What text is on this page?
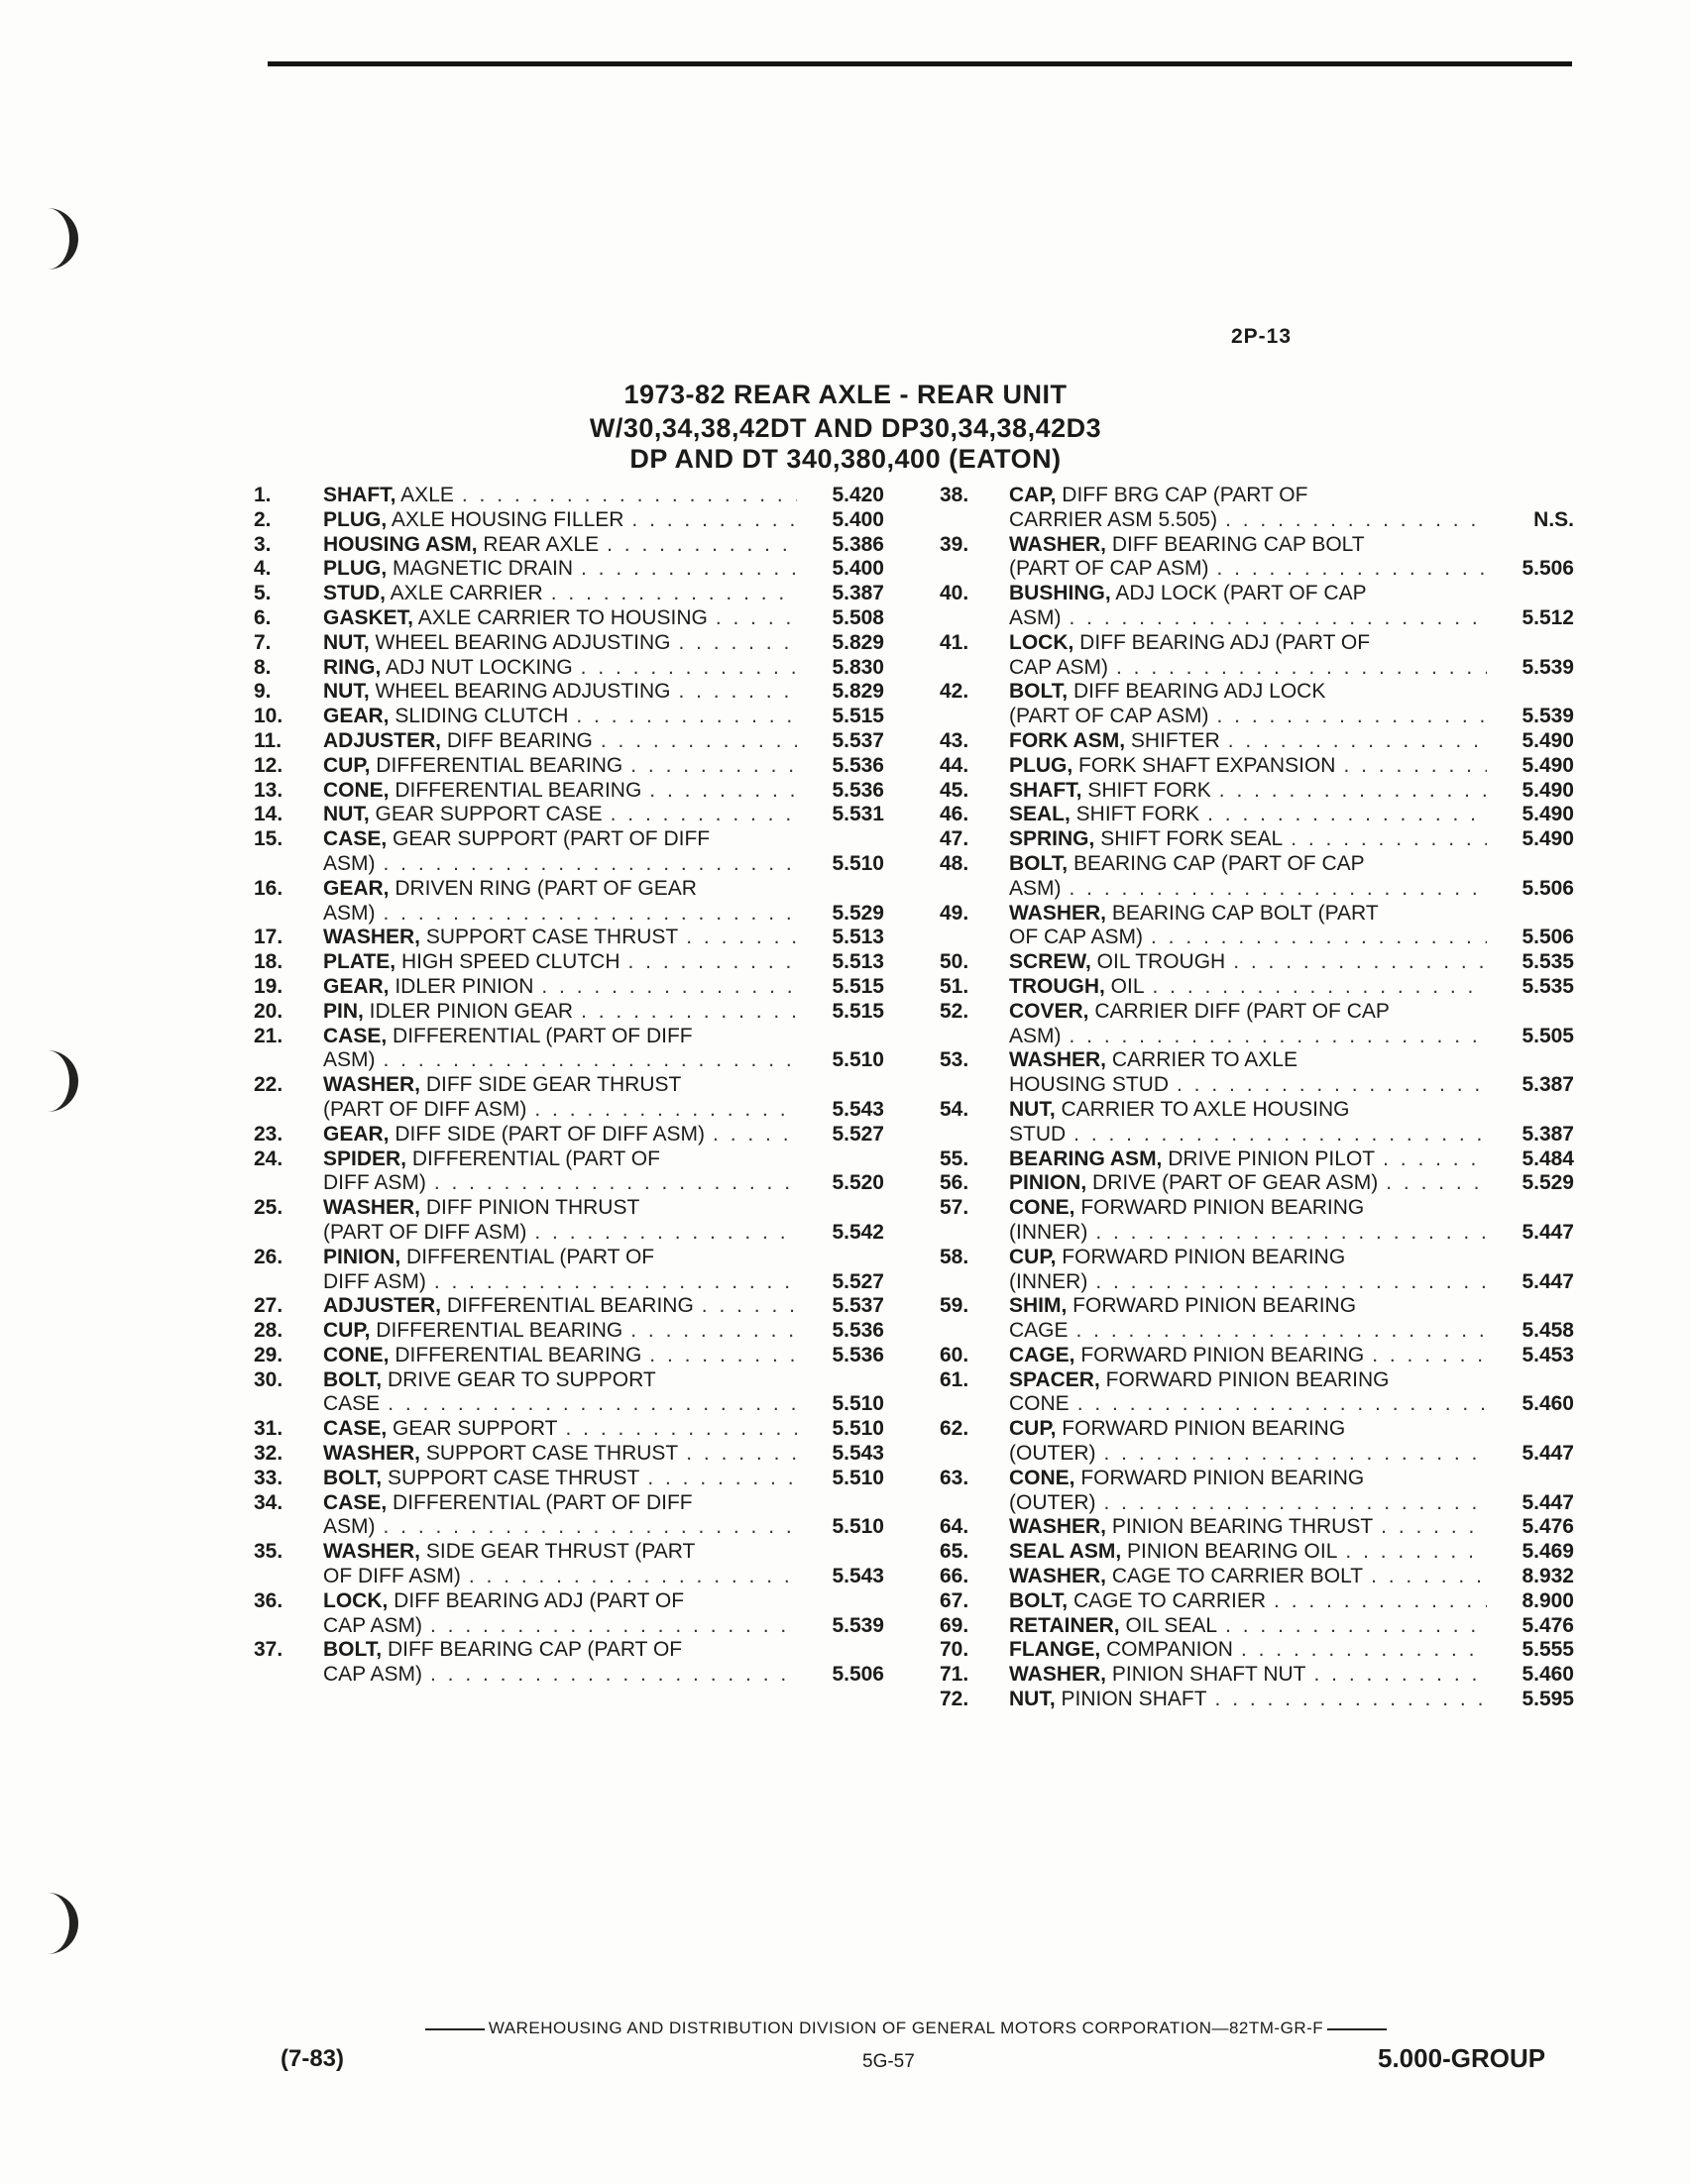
2P-13
1973-82 REAR AXLE - REAR UNIT
W/30,34,38,42DT AND DP30,34,38,42D3
DP AND DT 340,380,400 (EATON)
1.	SHAFT, AXLE . . .	5.420
2.	PLUG, AXLE HOUSING FILLER . . .	5.400
3.	HOUSING ASM, REAR AXLE . . .	5.386
4.	PLUG, MAGNETIC DRAIN . . .	5.400
5.	STUD, AXLE CARRIER . . .	5.387
6.	GASKET, AXLE CARRIER TO HOUSING . . .	5.508
7.	NUT, WHEEL BEARING ADJUSTING . . .	5.829
8.	RING, ADJ NUT LOCKING . . .	5.830
9.	NUT, WHEEL BEARING ADJUSTING . . .	5.829
10.	GEAR, SLIDING CLUTCH . . .	5.515
11.	ADJUSTER, DIFF BEARING . . .	5.537
12.	CUP, DIFFERENTIAL BEARING . . .	5.536
13.	CONE, DIFFERENTIAL BEARING . . .	5.536
14.	NUT, GEAR SUPPORT CASE . . .	5.531
15.	CASE, GEAR SUPPORT (PART OF DIFF
ASM) . . .	5.510
16.	GEAR, DRIVEN RING (PART OF GEAR
ASM) . . .	5.529
17.	WASHER, SUPPORT CASE THRUST . . .	5.513
18.	PLATE, HIGH SPEED CLUTCH . . .	5.513
19.	GEAR, IDLER PINION . . .	5.515
20.	PIN, IDLER PINION GEAR . . .	5.515
21.	CASE, DIFFERENTIAL (PART OF DIFF
ASM) . . .	5.510
22.	WASHER, DIFF SIDE GEAR THRUST
(PART OF DIFF ASM) . . .	5.543
23.	GEAR, DIFF SIDE (PART OF DIFF ASM) . . .	5.527
24.	SPIDER, DIFFERENTIAL (PART OF
DIFF ASM) . . .	5.520
25.	WASHER, DIFF PINION THRUST
(PART OF DIFF ASM) . . .	5.542
26.	PINION, DIFFERENTIAL (PART OF
DIFF ASM) . . .	5.527
27.	ADJUSTER, DIFFERENTIAL BEARING . . .	5.537
28.	CUP, DIFFERENTIAL BEARING . . .	5.536
29.	CONE, DIFFERENTIAL BEARING . . .	5.536
30.	BOLT, DRIVE GEAR TO SUPPORT
CASE . . .	5.510
31.	CASE, GEAR SUPPORT . . .	5.510
32.	WASHER, SUPPORT CASE THRUST . . .	5.543
33.	BOLT, SUPPORT CASE THRUST . . .	5.510
34.	CASE, DIFFERENTIAL (PART OF DIFF
ASM) . . .	5.510
35.	WASHER, SIDE GEAR THRUST (PART
OF DIFF ASM) . . .	5.543
36.	LOCK, DIFF BEARING ADJ (PART OF
CAP ASM) . . .	5.539
37.	BOLT, DIFF BEARING CAP (PART OF
CAP ASM) . . .	5.506
38.	CAP, DIFF BRG CAP (PART OF
CARRIER ASM 5.505) . . .	N.S.
39.	WASHER, DIFF BEARING CAP BOLT
(PART OF CAP ASM) . . .	5.506
40.	BUSHING, ADJ LOCK (PART OF CAP
ASM) . . .	5.512
41.	LOCK, DIFF BEARING ADJ (PART OF
CAP ASM) . . .	5.539
42.	BOLT, DIFF BEARING ADJ LOCK
(PART OF CAP ASM) . . .	5.539
43.	FORK ASM, SHIFTER . . .	5.490
44.	PLUG, FORK SHAFT EXPANSION . . .	5.490
45.	SHAFT, SHIFT FORK . . .	5.490
46.	SEAL, SHIFT FORK . . .	5.490
47.	SPRING, SHIFT FORK SEAL . . .	5.490
48.	BOLT, BEARING CAP (PART OF CAP
ASM) . . .	5.506
49.	WASHER, BEARING CAP BOLT (PART
OF CAP ASM) . . .	5.506
50.	SCREW, OIL TROUGH . . .	5.535
51.	TROUGH, OIL . . .	5.535
52.	COVER, CARRIER DIFF (PART OF CAP
ASM) . . .	5.505
53.	WASHER, CARRIER TO AXLE
HOUSING STUD . . .	5.387
54.	NUT, CARRIER TO AXLE HOUSING
STUD . . .	5.387
55.	BEARING ASM, DRIVE PINION PILOT . . .	5.484
56.	PINION, DRIVE (PART OF GEAR ASM) . . .	5.529
57.	CONE, FORWARD PINION BEARING
(INNER) . . .	5.447
58.	CUP, FORWARD PINION BEARING
(INNER) . . .	5.447
59.	SHIM, FORWARD PINION BEARING
CAGE . . .	5.458
60.	CAGE, FORWARD PINION BEARING . . .	5.453
61.	SPACER, FORWARD PINION BEARING
CONE . . .	5.460
62.	CUP, FORWARD PINION BEARING
(OUTER) . . .	5.447
63.	CONE, FORWARD PINION BEARING
(OUTER) . . .	5.447
64.	WASHER, PINION BEARING THRUST . . .	5.476
65.	SEAL ASM, PINION BEARING OIL . . .	5.469
66.	WASHER, CAGE TO CARRIER BOLT . . .	8.932
67.	BOLT, CAGE TO CARRIER . . .	8.900
69.	RETAINER, OIL SEAL . . .	5.476
70.	FLANGE, COMPANION . . .	5.555
71.	WASHER, PINION SHAFT NUT . . .	5.460
72.	NUT, PINION SHAFT . . .	5.595
WAREHOUSING AND DISTRIBUTION DIVISION OF GENERAL MOTORS CORPORATION—82TM-GR-F
(7-83)	5G-57	5.000-GROUP
